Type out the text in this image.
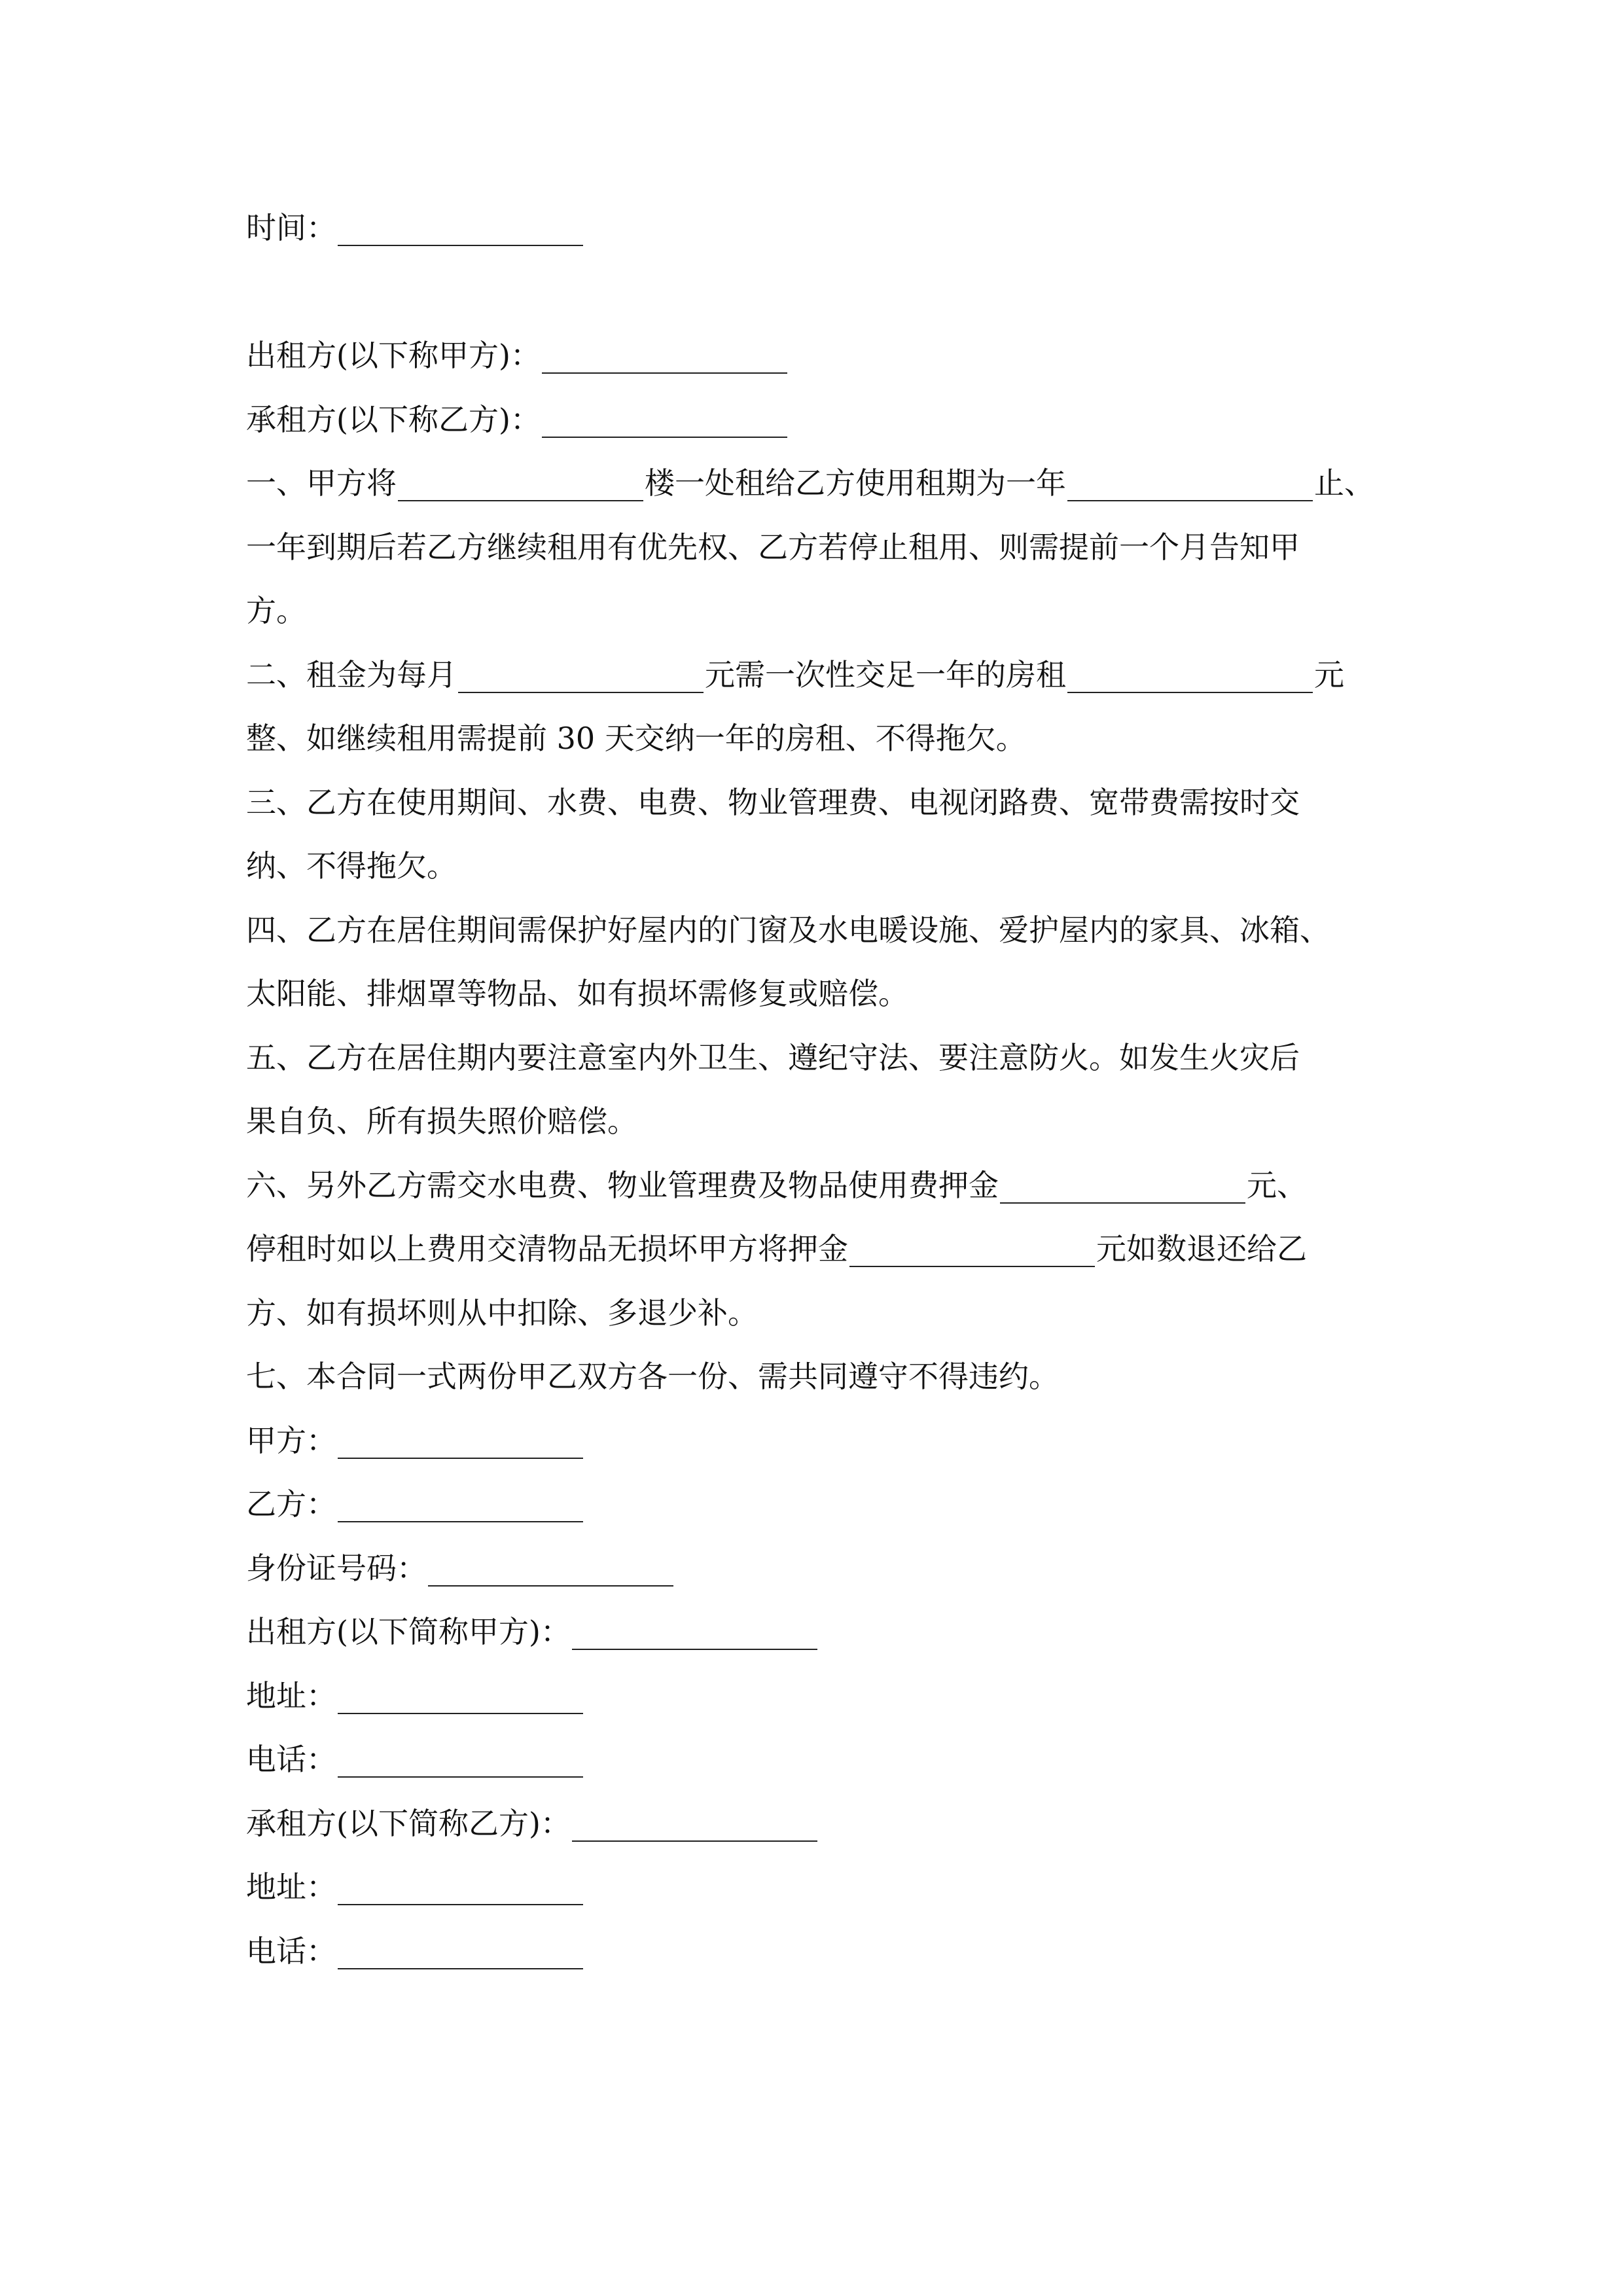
时间：
出租方(以下称甲方)：
承租方(以下称乙方)：
一、甲方将	楼一处租给乙方使用租期为一年	止、
一年到期后若乙方继续租用有优先权、乙方若停止租用、则需提前一个月告知甲
方。
二、租金为每月	元需一次性交足一年的房租	元
整、如继续租用需提前 30 天交纳一年的房租、不得拖欠。
三、乙方在使用期间、水费、电费、物业管理费、电视闭路费、宽带费需按时交
纳、不得拖欠。
四、乙方在居住期间需保护好屋内的门窗及水电暖设施、爱护屋内的家具、冰箱、
太阳能、排烟罩等物品、如有损坏需修复或赔偿。
五、乙方在居住期内要注意室内外卫生、遵纪守法、要注意防火。如发生火灾后
果自负、所有损失照价赔偿。
六、另外乙方需交水电费、物业管理费及物品使用费押金	元、
停租时如以上费用交清物品无损坏甲方将押金	元如数退还给乙
方、如有损坏则从中扣除、多退少补。
七、本合同一式两份甲乙双方各一份、需共同遵守不得违约。
甲方：
乙方：
身份证号码：
出租方(以下简称甲方)：
地址：
电话：
承租方(以下简称乙方)：
地址：
电话：
